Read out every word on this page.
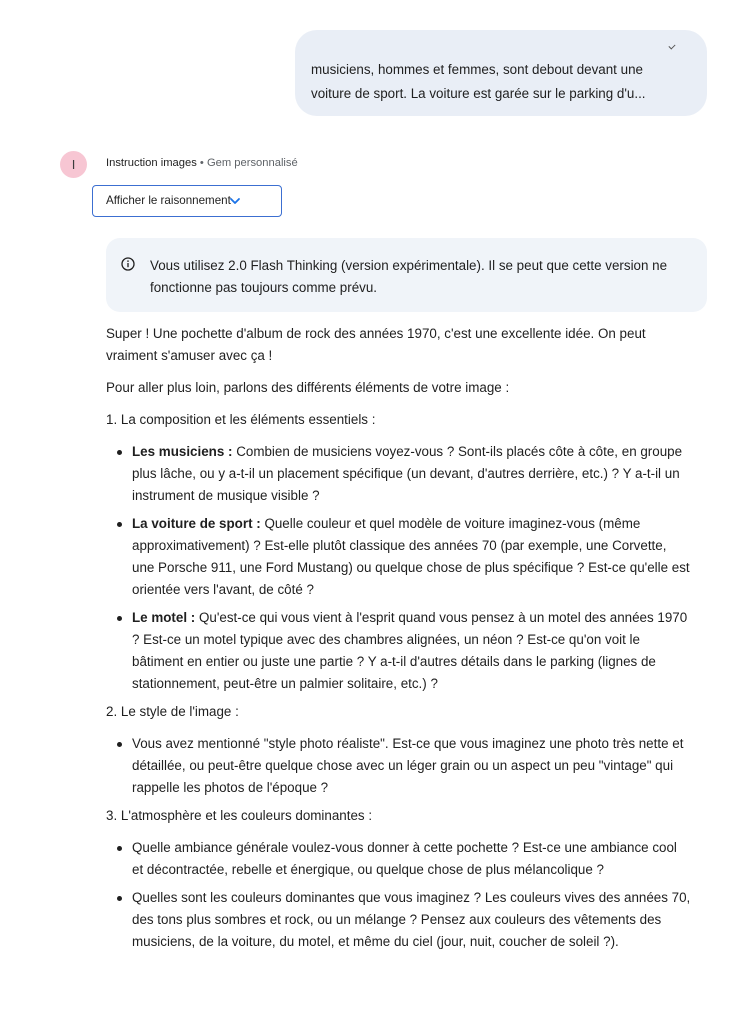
musiciens, hommes et femmes, sont debout devant une
voiture de sport. La voiture est garée sur le parking d'u...
I	Instruction images • Gem personnalisé
Afficher le raisonnement
Vous utilisez 2.0 Flash Thinking (version expérimentale). Il se peut que cette version ne
fonctionne pas toujours comme prévu.
Super ! Une pochette d'album de rock des années 1970, c'est une excellente idée. On peut
vraiment s'amuser avec ça !
Pour aller plus loin, parlons des différents éléments de votre image :
1. La composition et les éléments essentiels :
Les musiciens : Combien de musiciens voyez-vous ? Sont-ils placés côte à côte, en groupe
plus lâche, ou y a-t-il un placement spécifique (un devant, d'autres derrière, etc.) ? Y a-t-il un
instrument de musique visible ?
La voiture de sport : Quelle couleur et quel modèle de voiture imaginez-vous (même
approximativement) ? Est-elle plutôt classique des années 70 (par exemple, une Corvette,
une Porsche 911, une Ford Mustang) ou quelque chose de plus spécifique ? Est-ce qu'elle est
orientée vers l'avant, de côté ?
Le motel : Qu'est-ce qui vous vient à l'esprit quand vous pensez à un motel des années 1970
? Est-ce un motel typique avec des chambres alignées, un néon ? Est-ce qu'on voit le
bâtiment en entier ou juste une partie ? Y a-t-il d'autres détails dans le parking (lignes de
stationnement, peut-être un palmier solitaire, etc.) ?
2. Le style de l'image :
Vous avez mentionné "style photo réaliste". Est-ce que vous imaginez une photo très nette et
détaillée, ou peut-être quelque chose avec un léger grain ou un aspect un peu "vintage" qui
rappelle les photos de l'époque ?
3. L'atmosphère et les couleurs dominantes :
Quelle ambiance générale voulez-vous donner à cette pochette ? Est-ce une ambiance cool
et décontractée, rebelle et énergique, ou quelque chose de plus mélancolique ?
Quelles sont les couleurs dominantes que vous imaginez ? Les couleurs vives des années 70,
des tons plus sombres et rock, ou un mélange ? Pensez aux couleurs des vêtements des
musiciens, de la voiture, du motel, et même du ciel (jour, nuit, coucher de soleil ?).
